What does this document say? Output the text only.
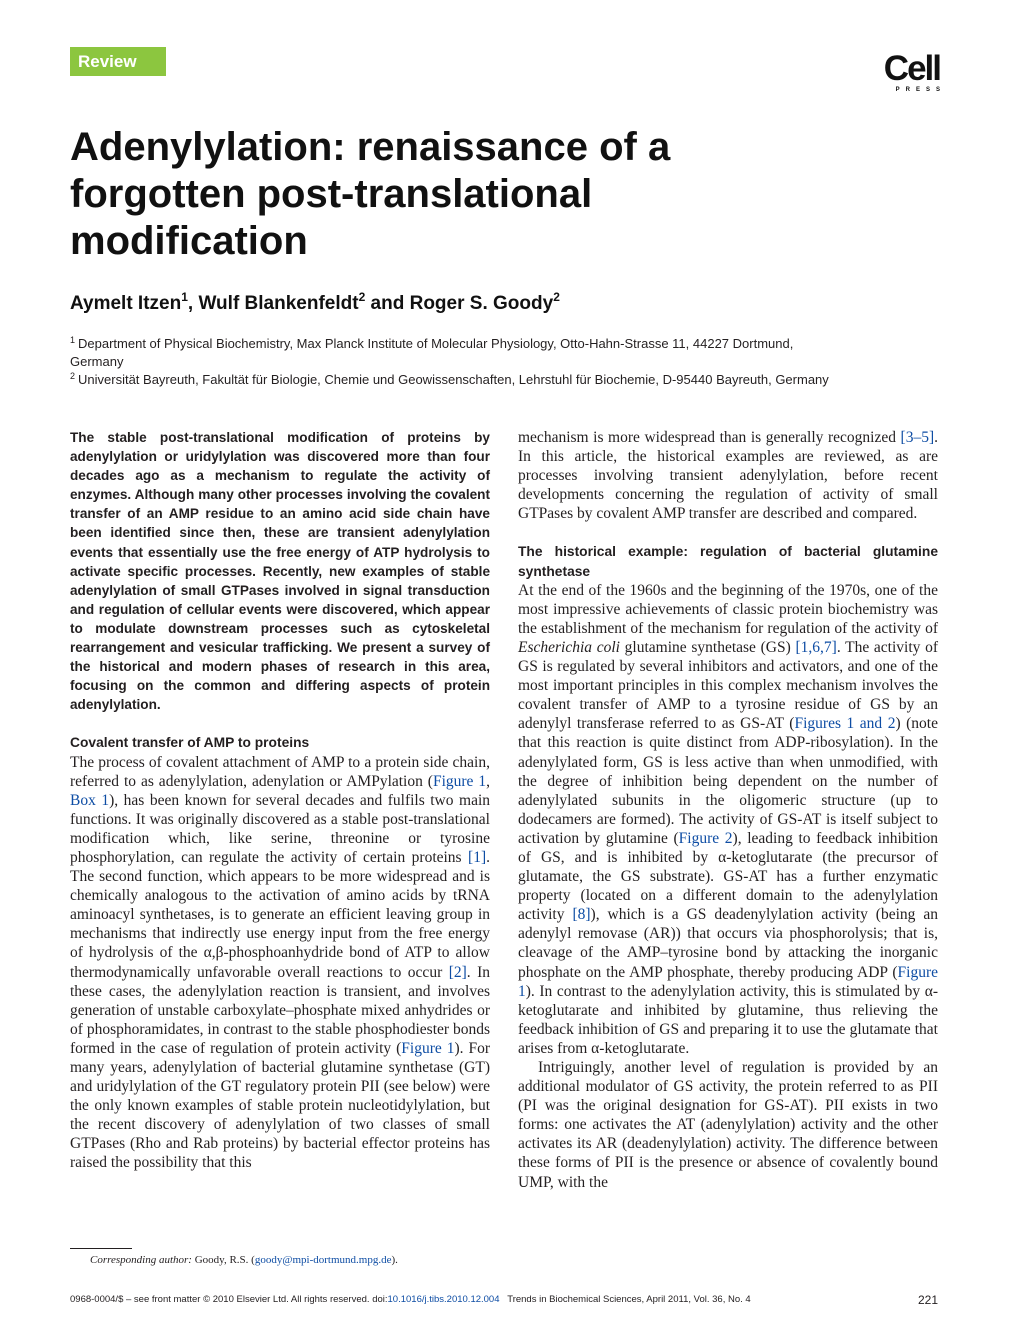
Review	Cell
PRESS
Adenylylation: renaissance of a
forgotten post-translational
modification
Aymelt Itzen$^1$, Wulf Blankenfeldt$^2$ and Roger S. Goody$^2$
$^1$ Department of Physical Biochemistry, Max Planck Institute of Molecular Physiology, Otto-Hahn-Strasse 11, 44227 Dortmund,
Germany
$^2$ Universität Bayreuth, Fakultät für Biologie, Chemie und Geowissenschaften, Lehrstuhl für Biochemie, D-95440 Bayreuth, Germany

The stable post-translational modification of proteins by adenylylation or uridylylation was discovered more than four decades ago as a mechanism to regulate the activity of enzymes. Although many other processes involving the covalent transfer of an AMP residue to an amino acid side chain have been identified since then, these are transient adenylylation events that essentially use the free energy of ATP hydrolysis to activate specific processes. Recently, new examples of stable adenylylation of small GTPases involved in signal transduction and regulation of cellular events were discovered, which appear to modulate downstream processes such as cytoskeletal rearrangement and vesicular trafficking. We present a survey of the historical and modern phases of research in this area, focusing on the common and differing aspects of protein adenylylation.

Covalent transfer of AMP to proteins

The process of covalent attachment of AMP to a protein side chain, referred to as adenylylation, adenylation or AMPylation (Figure 1, Box 1), has been known for several decades and fulfils two main functions. It was originally discovered as a stable post-translational modification which, like serine, threonine or tyrosine phosphorylation, can regulate the activity of certain proteins [1]. The second function, which appears to be more widespread and is chemically analogous to the activation of amino acids by tRNA aminoacyl synthetases, is to generate an efficient leaving group in mechanisms that indirectly use energy input from the free energy of hydrolysis of the α,β-phosphoanhydride bond of ATP to allow thermodynamically unfavorable overall reactions to occur [2]. In these cases, the adenylylation reaction is transient, and involves generation of unstable carboxylate–phosphate mixed anhydrides or of phosphoramidates, in contrast to the stable phosphodiester bonds formed in the case of regulation of protein activity (Figure 1). For many years, adenylylation of bacterial glutamine synthetase (GT) and uridylylation of the GT regulatory protein PII (see below) were the only known examples of stable protein nucleotidylylation, but the recent discovery of adenylylation of two classes of small GTPases (Rho and Rab proteins) by bacterial effector proteins has raised the possibility that this

mechanism is more widespread than is generally recognized [3–5]. In this article, the historical examples are reviewed, as are processes involving transient adenylylation, before recent developments concerning the regulation of activity of small GTPases by covalent AMP transfer are described and compared.

The historical example: regulation of bacterial glutamine synthetase

At the end of the 1960s and the beginning of the 1970s, one of the most impressive achievements of classic protein biochemistry was the establishment of the mechanism for regulation of the activity of Escherichia coli glutamine synthetase (GS) [1,6,7]. The activity of GS is regulated by several inhibitors and activators, and one of the most important principles in this complex mechanism involves the covalent transfer of AMP to a tyrosine residue of GS by an adenylyl transferase referred to as GS-AT (Figures 1 and 2) (note that this reaction is quite distinct from ADP-ribosylation). In the adenylylated form, GS is less active than when unmodified, with the degree of inhibition being dependent on the number of adenylylated subunits in the oligomeric structure (up to dodecamers are formed). The activity of GS-AT is itself subject to activation by glutamine (Figure 2), leading to feedback inhibition of GS, and is inhibited by α-ketoglutarate (the precursor of glutamate, the GS substrate). GS-AT has a further enzymatic property (located on a different domain to the adenylylation activity [8]), which is a GS deadenylylation activity (being an adenylyl removase (AR)) that occurs via phosphorolysis; that is, cleavage of the AMP–tyrosine bond by attacking the inorganic phosphate on the AMP phosphate, thereby producing ADP (Figure 1). In contrast to the adenylylation activity, this is stimulated by α-ketoglutarate and inhibited by glutamine, thus relieving the feedback inhibition of GS and preparing it to use the glutamate that arises from α-ketoglutarate.

Intriguingly, another level of regulation is provided by an additional modulator of GS activity, the protein referred to as PII (PI was the original designation for GS-AT). PII exists in two forms: one activates the AT (adenylylation) activity and the other activates its AR (deadenylylation) activity. The difference between these forms of PII is the presence or absence of covalently bound UMP, with the

Corresponding author: Goody, R.S. (goody@mpi-dortmund.mpg.de).
0968-0004/$ – see front matter © 2010 Elsevier Ltd. All rights reserved. doi:10.1016/j.tibs.2010.12.004   Trends in Biochemical Sciences, April 2011, Vol. 36, No. 4	221
